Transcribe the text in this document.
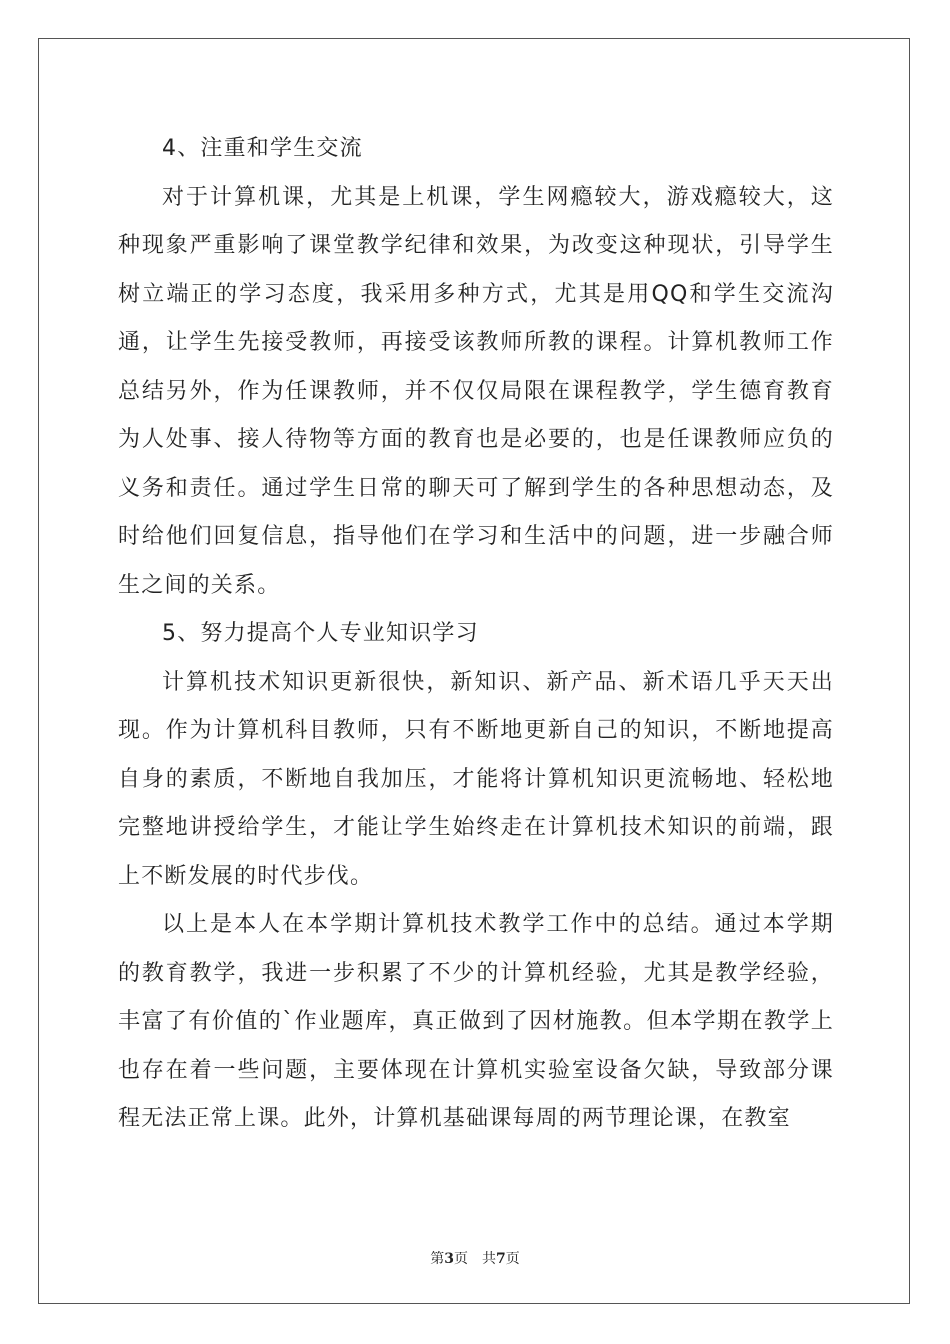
4、注重和学生交流

对于计算机课，尤其是上机课，学生网瘾较大，游戏瘾较大，这种现象严重影响了课堂教学纪律和效果，为改变这种现状，引导学生树立端正的学习态度，我采用多种方式，尤其是用QQ和学生交流沟通，让学生先接受教师，再接受该教师所教的课程。计算机教师工作总结另外，作为任课教师，并不仅仅局限在课程教学，学生德育教育为人处事、接人待物等方面的教育也是必要的，也是任课教师应负的义务和责任。通过学生日常的聊天可了解到学生的各种思想动态，及时给他们回复信息，指导他们在学习和生活中的问题，进一步融合师生之间的关系。

5、努力提高个人专业知识学习

计算机技术知识更新很快，新知识、新产品、新术语几乎天天出现。作为计算机科目教师，只有不断地更新自己的知识，不断地提高自身的素质，不断地自我加压，才能将计算机知识更流畅地、轻松地完整地讲授给学生，才能让学生始终走在计算机技术知识的前端，跟上不断发展的时代步伐。

以上是本人在本学期计算机技术教学工作中的总结。通过本学期的教育教学，我进一步积累了不少的计算机经验，尤其是教学经验，丰富了有价值的`作业题库，真正做到了因材施教。但本学期在教学上也存在着一些问题，主要体现在计算机实验室设备欠缺，导致部分课程无法正常上课。此外，计算机基础课每周的两节理论课，在教室

第3页 共7页
